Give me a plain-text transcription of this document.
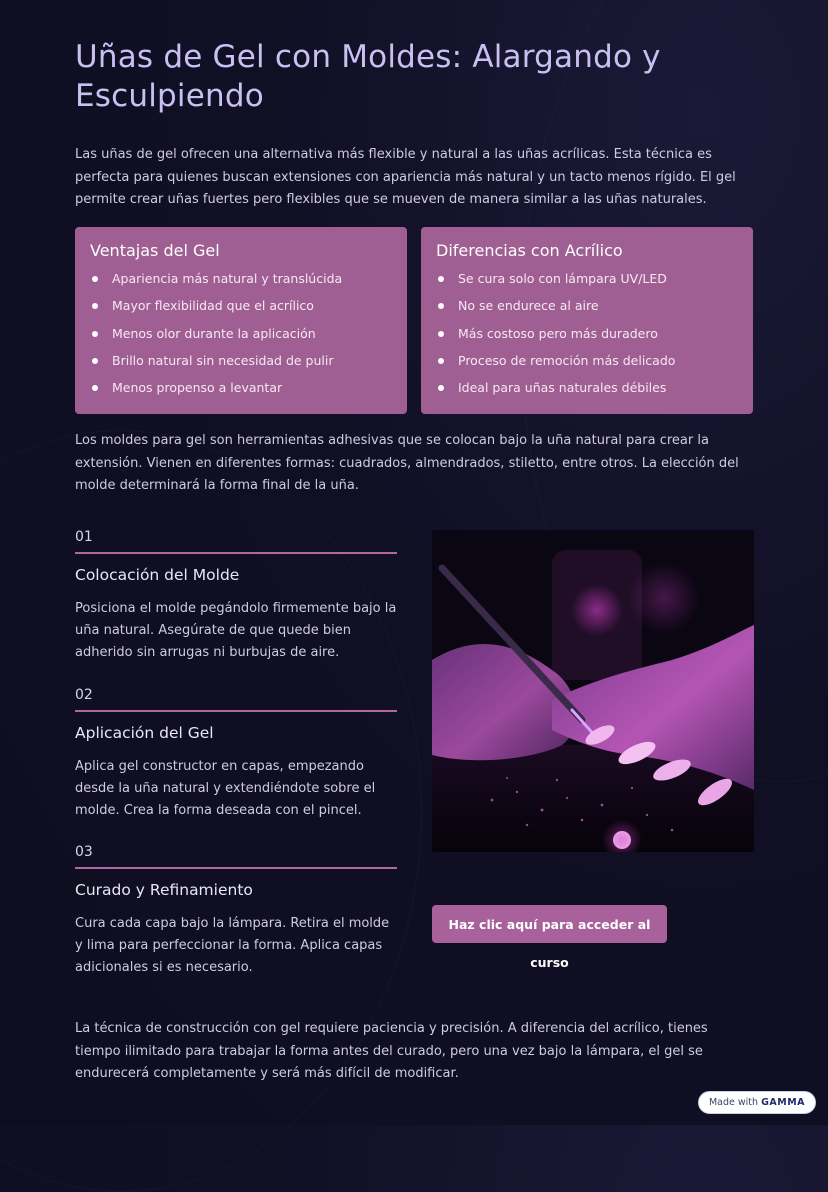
Uñas de Gel con Moldes: Alargando y Esculpiendo

Las uñas de gel ofrecen una alternativa más flexible y natural a las uñas acrílicas. Esta técnica es perfecta para quienes buscan extensiones con apariencia más natural y un tacto menos rígido. El gel permite crear uñas fuertes pero flexibles que se mueven de manera similar a las uñas naturales.

Ventajas del Gel
Apariencia más natural y translúcida
Mayor flexibilidad que el acrílico
Menos olor durante la aplicación
Brillo natural sin necesidad de pulir
Menos propenso a levantar
Diferencias con Acrílico
Se cura solo con lámpara UV/LED
No se endurece al aire
Más costoso pero más duradero
Proceso de remoción más delicado
Ideal para uñas naturales débiles

Los moldes para gel son herramientas adhesivas que se colocan bajo la uña natural para crear la extensión. Vienen en diferentes formas: cuadrados, almendrados, stiletto, entre otros. La elección del molde determinará la forma final de la uña.

01
Colocación del Molde

Posiciona el molde pegándolo firmemente bajo la uña natural. Asegúrate de que quede bien adherido sin arrugas ni burbujas de aire.

02
Aplicación del Gel

Aplica gel constructor en capas, empezando desde la uña natural y extendiéndote sobre el molde. Crea la forma deseada con el pincel.

03
Curado y Refinamiento

Cura cada capa bajo la lámpara. Retira el molde y lima para perfeccionar la forma. Aplica capas adicionales si es necesario.

Haz clic aquí para acceder al curso

La técnica de construcción con gel requiere paciencia y precisión. A diferencia del acrílico, tienes tiempo ilimitado para trabajar la forma antes del curado, pero una vez bajo la lámpara, el gel se endurecerá completamente y será más difícil de modificar.

Made with GAMMA
